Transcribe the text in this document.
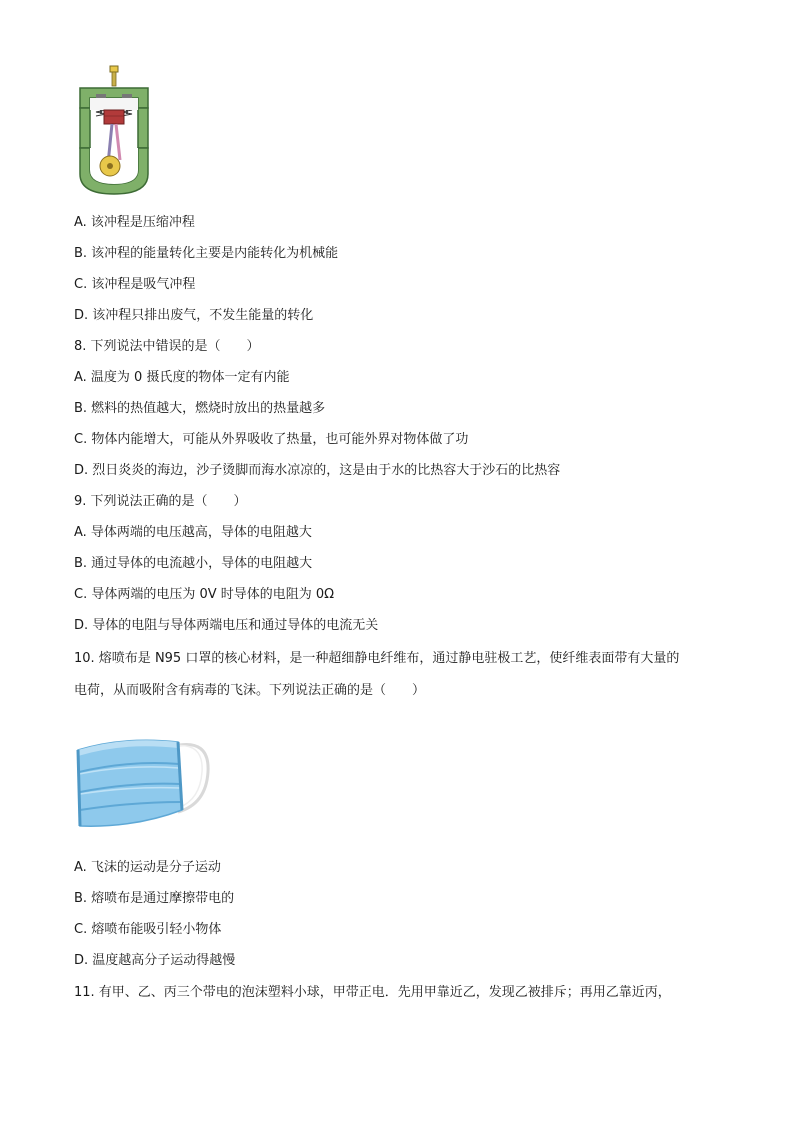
A. 该冲程是压缩冲程
B. 该冲程的能量转化主要是内能转化为机械能
C. 该冲程是吸气冲程
D. 该冲程只排出废气，不发生能量的转化
8. 下列说法中错误的是（　　）
A. 温度为 0 摄氏度的物体一定有内能
B. 燃料的热值越大，燃烧时放出的热量越多
C. 物体内能增大，可能从外界吸收了热量，也可能外界对物体做了功
D. 烈日炎炎的海边，沙子烫脚而海水凉凉的，这是由于水的比热容大于沙石的比热容
9. 下列说法正确的是（　　）
A. 导体两端的电压越高，导体的电阻越大
B. 通过导体的电流越小，导体的电阻越大
C. 导体两端的电压为 0V 时导体的电阻为 0Ω
D. 导体的电阻与导体两端电压和通过导体的电流无关
10. 熔喷布是 N95 口罩的核心材料，是一种超细静电纤维布，通过静电驻极工艺，使纤维表面带有大量的
电荷，从而吸附含有病毒的飞沫。下列说法正确的是（　　）
A. 飞沫的运动是分子运动
B. 熔喷布是通过摩擦带电的
C. 熔喷布能吸引轻小物体
D. 温度越高分子运动得越慢
11. 有甲、乙、丙三个带电的泡沫塑料小球，甲带正电．先用甲靠近乙，发现乙被排斥；再用乙靠近丙，
